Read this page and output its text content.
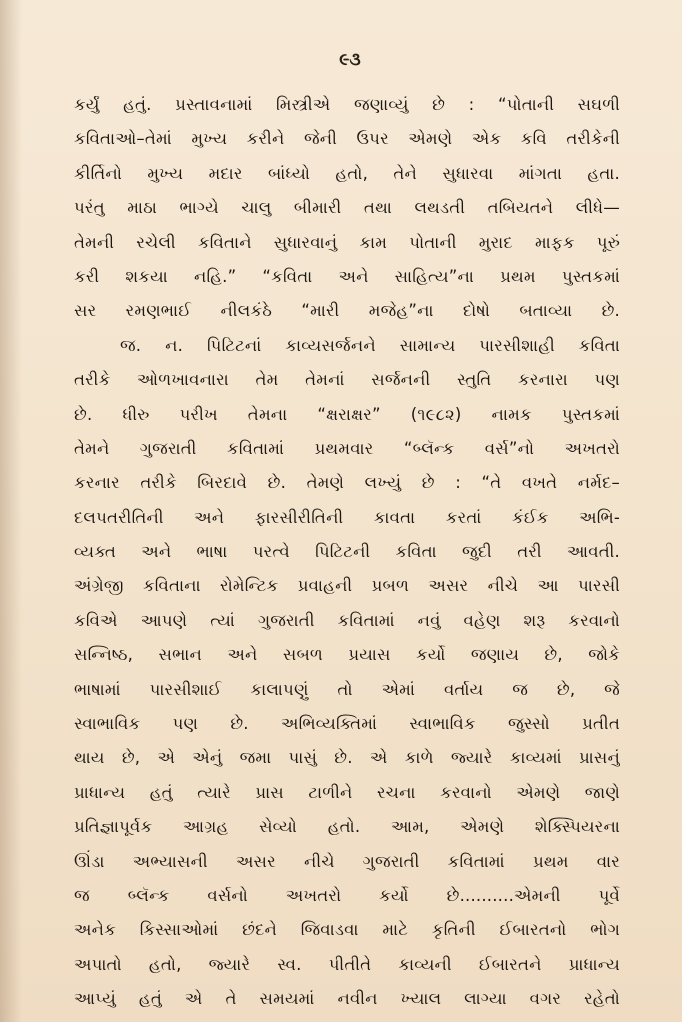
૯૩
કર્યું હતું. પ્રસ્તાવનામાં મિસ્ત્રીએ જણાવ્યું છે : “પોતાની સઘળી
કવિતાઓ–તેમાં મુખ્ય કરીને જેની ઉપર એમણે એક કવિ તરીકેની
કીર્તિનો મુખ્ય મદાર બાંધ્યો હતો, તેને સુધારવા માંગતા હતા.
પરંતુ માઠા ભાગ્યે ચાલુ બીમારી તથા લથડતી તબિયતને લીધે—
તેમની રચેલી કવિતાને સુધારવાનું કામ પોતાની મુરાદ માફક પૂરું
કરી શકયા નહિ.” “કવિતા અને સાહિત્ય”ના પ્રથમ પુસ્તકમાં
સર રમણભાઈ નીલકંઠે “મારી મજેહ”ના દોષો બતાવ્યા છે.
જ. ન. પિટિટનાં કાવ્યસર્જનને સામાન્ય પારસીશાહી કવિતા
તરીકે ઓળખાવનારા તેમ તેમનાં સર્જનની સ્તુતિ કરનારા પણ
છે. ધીરુ પરીખ તેમના “ક્ષરાક્ષર” (૧૯૮૨) નામક પુસ્તકમાં
તેમને ગુજરાતી કવિતામાં પ્રથમવાર “બ્લૅન્ક વર્સ”નો અખતરો
કરનાર તરીકે બિરદાવે છે. તેમણે લખ્યું છે : “તે વખતે નર્મદ–
દલપતરીતિની અને ફારસીરીતિની કાવતા કરતાં કંઈક અભિ-
વ્યક્ત અને ભાષા પરત્વે પિટિટની કવિતા જુદી તરી આવતી.
અંગ્રેજી કવિતાના રોમેન્ટિક પ્રવાહની પ્રબળ અસર નીચે આ પારસી
કવિએ આપણે ત્યાં ગુજરાતી કવિતામાં નવું વહેણ શરૂ કરવાનો
સન્નિષ્ઠ, સભાન અને સબળ પ્રયાસ કર્યો જણાય છે, જોકે
ભાષામાં પારસીશાઈ કાલાપણું તો એમાં વર્તાય જ છે, જે
સ્વાભાવિક પણ છે. અભિવ્યક્તિમાં સ્વાભાવિક જુસ્સો પ્રતીત
થાય છે, એ એનું જમા પાસું છે. એ કાળે જ્યારે કાવ્યમાં પ્રાસનું
પ્રાધાન્ય હતું ત્યારે પ્રાસ ટાળીને રચના કરવાનો એમણે જાણે
પ્રતિજ્ઞાપૂર્વક આગ્રહ સેવ્યો હતો. આમ, એમણે શેક્સ્પિયરના
ઊંડા અભ્યાસની અસર નીચે ગુજરાતી કવિતામાં પ્રથમ વાર
જ બ્લૅન્ક વર્સનો અખતરો કર્યો છે..........એમની પૂર્વે
અનેક કિસ્સાઓમાં છંદને જિવાડવા માટે કૃતિની ઈબારતનો ભોગ
અપાતો હતો, જ્યારે સ્વ. પીતીતે કાવ્યની ઈબારતને પ્રાધાન્ય
આપ્યું હતું એ તે સમયમાં નવીન ખ્યાલ લાગ્યા વગર રહેતો
